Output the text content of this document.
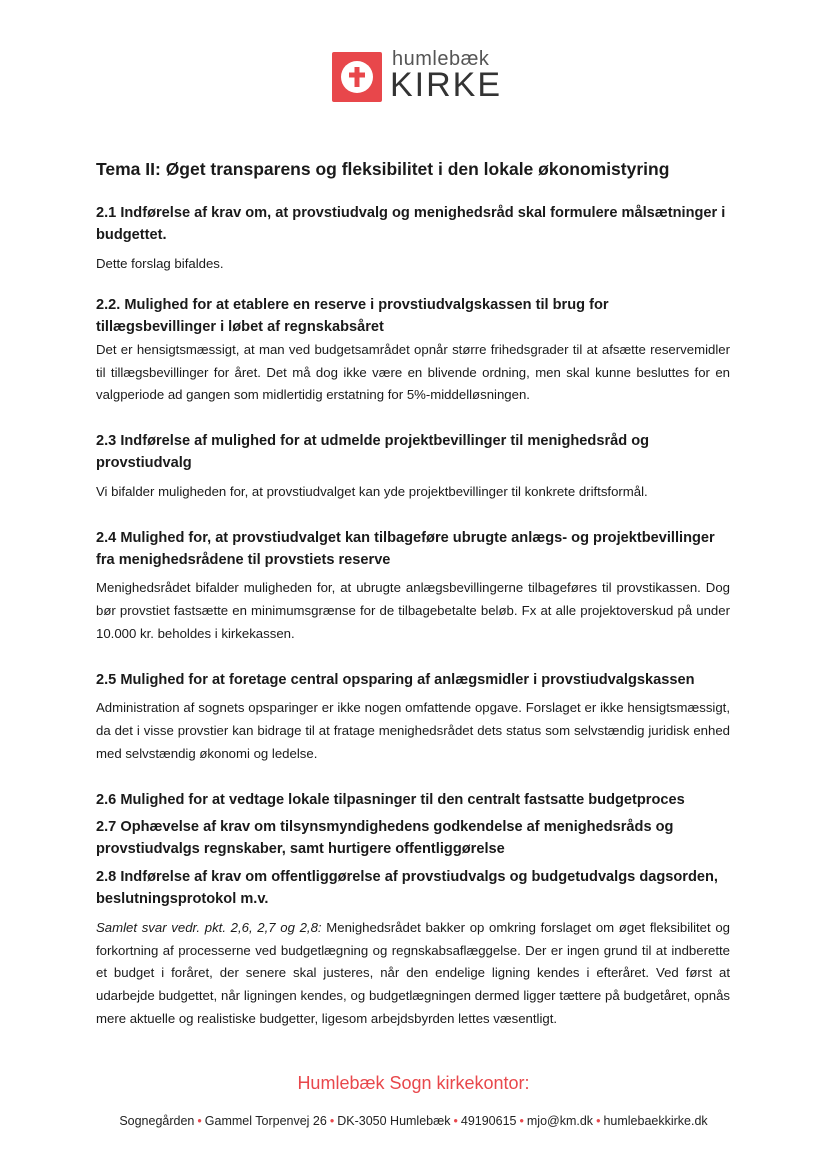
humlebæk
KIRKE
Tema II: Øget transparens og fleksibilitet i den lokale økonomistyring
2.1 Indførelse af krav om, at provstiudvalg og menighedsråd skal formulere målsætninger i budgettet.

Dette forslag bifaldes.

2.2. Mulighed for at etablere en reserve i provstiudvalgskassen til brug for tillægsbevillinger i løbet af regnskabsåret

Det er hensigtsmæssigt, at man ved budgetsamrådet opnår større frihedsgrader til at afsætte reservemidler til tillægsbevillinger for året. Det må dog ikke være en blivende ordning, men skal kunne besluttes for en valgperiode ad gangen som midlertidig erstatning for 5%-middelløsningen.

2.3 Indførelse af mulighed for at udmelde projektbevillinger til menighedsråd og provstiudvalg

Vi bifalder muligheden for, at provstiudvalget kan yde projektbevillinger til konkrete driftsformål.

2.4 Mulighed for, at provstiudvalget kan tilbageføre ubrugte anlægs- og projektbevillinger fra menighedsrådene til provstiets reserve

Menighedsrådet bifalder muligheden for, at ubrugte anlægsbevillingerne tilbageføres til provstikassen. Dog bør provstiet fastsætte en minimumsgrænse for de tilbagebetalte beløb. Fx at alle projektoverskud på under 10.000 kr. beholdes i kirkekassen.

2.5 Mulighed for at foretage central opsparing af anlægsmidler i provstiudvalgskassen

Administration af sognets opsparinger er ikke nogen omfattende opgave. Forslaget er ikke hensigtsmæssigt, da det i visse provstier kan bidrage til at fratage menighedsrådet dets status som selvstændig juridisk enhed med selvstændig økonomi og ledelse.

2.6 Mulighed for at vedtage lokale tilpasninger til den centralt fastsatte budgetproces
2.7 Ophævelse af krav om tilsynsmyndighedens godkendelse af menighedsråds og provstiudvalgs regnskaber, samt hurtigere offentliggørelse
2.8 Indførelse af krav om offentliggørelse af provstiudvalgs og budgetudvalgs dagsorden, beslutningsprotokol m.v.

Samlet svar vedr. pkt. 2,6, 2,7 og 2,8: Menighedsrådet bakker op omkring forslaget om øget fleksibilitet og forkortning af processerne ved budgetlægning og regnskabsaflæggelse. Der er ingen grund til at indberette et budget i foråret, der senere skal justeres, når den endelige ligning kendes i efteråret. Ved først at udarbejde budgettet, når ligningen kendes, og budgetlægningen dermed ligger tættere på budgetåret, opnås mere aktuelle og realistiske budgetter, ligesom arbejdsbyrden lettes væsentligt.

Humlebæk Sogn kirkekontor:
Sognegården • Gammel Torpenvej 26 • DK-3050 Humlebæk • 49190615 • mjo@km.dk • humlebaekkirke.dk
